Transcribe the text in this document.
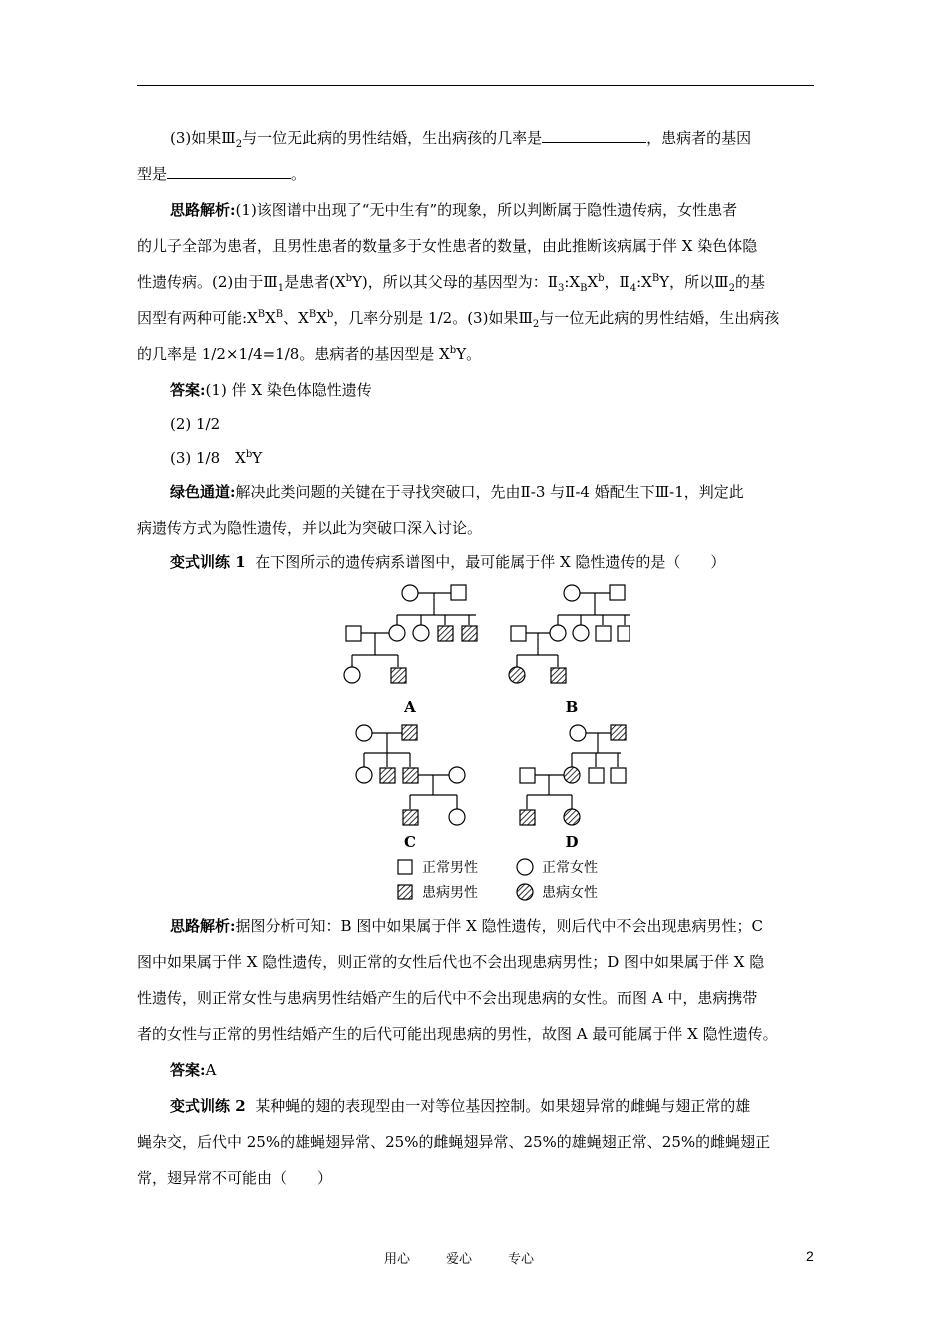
(3)如果$Ⅲ_2$与一位无此病的男性结婚，生出病孩的几率是	，患病者的基因

型是	。

思路解析:(1)该图谱中出现了“无中生有”的现象，所以判断属于隐性遗传病，女性患者

的儿子全部为患者，且男性患者的数量多于女性患者的数量，由此推断该病属于伴 X 染色体隐

性遗传病。(2)由于$Ⅲ_1$是患者$(X^bY)$，所以其父母的基因型为：$Ⅱ_3:X_BX^b$，$Ⅱ_4:X^BY$，所以$Ⅲ_2$的基

因型有两种可能$:X^BX^B$、$X^BX^b$，几率分别是 1/2。(3)如果$Ⅲ_2$与一位无此病的男性结婚，生出病孩

的几率是 1/2×1/4=1/8。患病者的基因型是 $X^bY$。

答案:(1) 伴 X 染色体隐性遗传

(2) 1/2

(3) 1/8　$X^bY$

绿色通道:解决此类问题的关键在于寻找突破口，先由Ⅱ-3 与Ⅱ-4 婚配生下Ⅲ-1，判定此

病遗传方式为隐性遗传，并以此为突破口深入讨论。

变式训练 1 在下图所示的遗传病系谱图中，最可能属于伴 X 隐性遗传的是（　　）

A	B
C	D
正常男性	正常女性
患病男性	患病女性

思路解析:据图分析可知：B 图中如果属于伴 X 隐性遗传，则后代中不会出现患病男性；C

图中如果属于伴 X 隐性遗传，则正常的女性后代也不会出现患病男性；D 图中如果属于伴 X 隐

性遗传，则正常女性与患病男性结婚产生的后代中不会出现患病的女性。而图 A 中，患病携带

者的女性与正常的男性结婚产生的后代可能出现患病的男性，故图 A 最可能属于伴 X 隐性遗传。

答案:A

变式训练 2 某种蝇的翅的表现型由一对等位基因控制。如果翅异常的雌蝇与翅正常的雄

蝇杂交，后代中 25%的雄蝇翅异常、25%的雌蝇翅异常、25%的雄蝇翅正常、25%的雌蝇翅正

常，翅异常不可能由（　　）

用心	爱心	专心	2
